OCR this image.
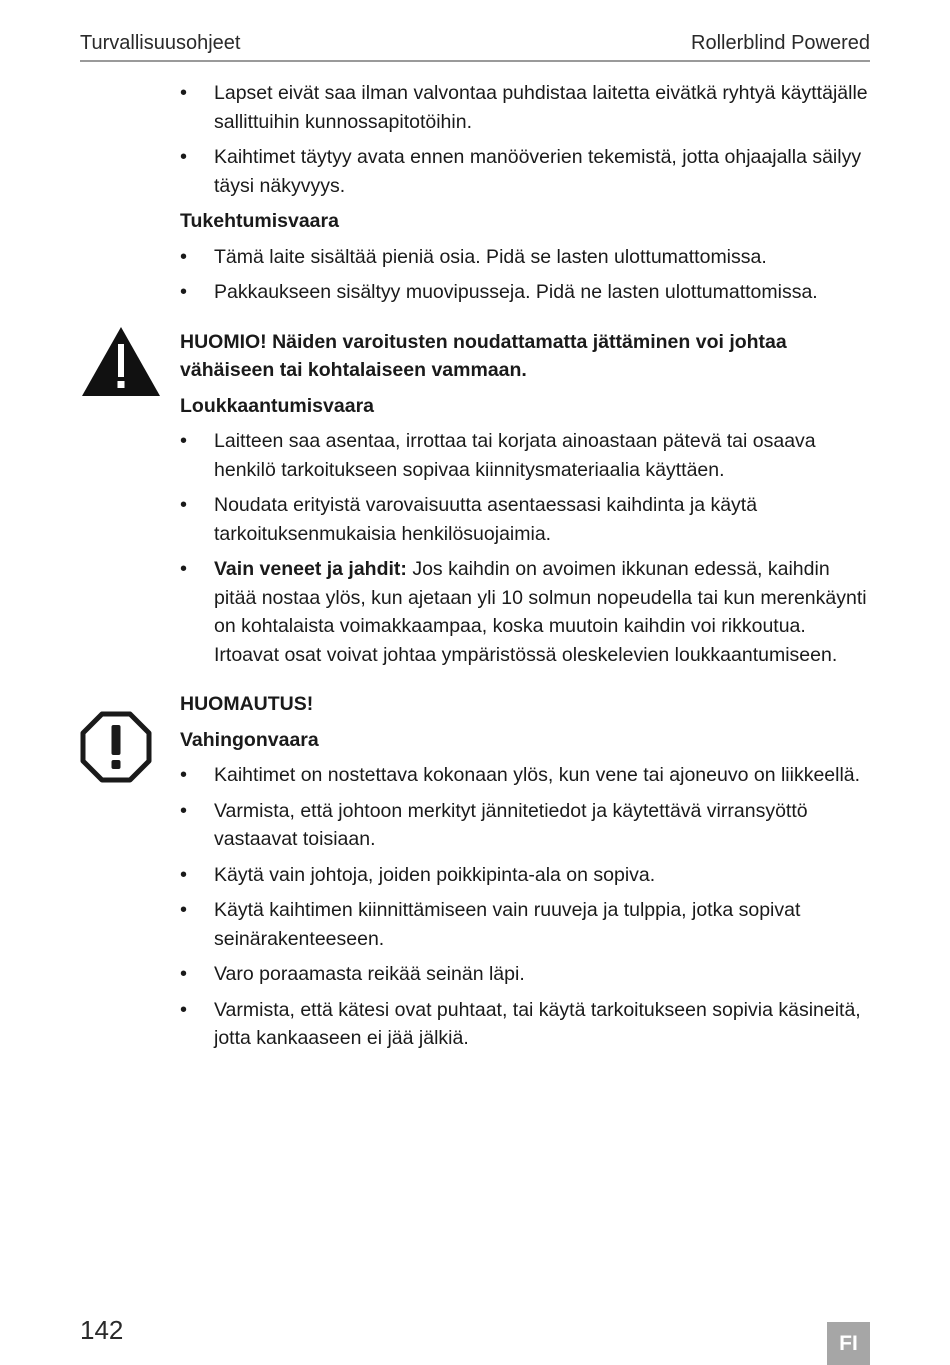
Turvallisuusohjeet	Rollerblind Powered
• Lapset eivät saa ilman valvontaa puhdistaa laitetta eivätkä ryhtyä käyttäjälle sallittuihin kunnossapitotöihin.
• Kaihtimet täytyy avata ennen manööverien tekemistä, jotta ohjaajalla säilyy täysi näkyvyys.
Tukehtumisvaara
• Tämä laite sisältää pieniä osia. Pidä se lasten ulottumattomissa.
• Pakkaukseen sisältyy muovipusseja. Pidä ne lasten ulottumattomissa.
HUOMIO! Näiden varoitusten noudattamatta jättäminen voi johtaa vähäiseen tai kohtalaiseen vammaan.
Loukkaantumisvaara
• Laitteen saa asentaa, irrottaa tai korjata ainoastaan pätevä tai osaava henkilö tarkoitukseen sopivaa kiinnitysmateriaalia käyttäen.
• Noudata erityistä varovaisuutta asentaessasi kaihdinta ja käytä tarkoituksenmukaisia henkilösuojaimia.
• Vain veneet ja jahdit: Jos kaihdin on avoimen ikkunan edessä, kaihdin pitää nostaa ylös, kun ajetaan yli 10 solmun nopeudella tai kun merenkäynti on kohtalaista voimakkaampaa, koska muutoin kaihdin voi rikkoutua. Irtoavat osat voivat johtaa ympäristössä oleskelevien loukkaantumiseen.
HUOMAUTUS!
Vahingonvaara
• Kaihtimet on nostettava kokonaan ylös, kun vene tai ajoneuvo on liikkeellä.
• Varmista, että johtoon merkityt jännitetiedot ja käytettävä virransyöttö vastaavat toisiaan.
• Käytä vain johtoja, joiden poikkipinta-ala on sopiva.
• Käytä kaihtimen kiinnittämiseen vain ruuveja ja tulppia, jotka sopivat seinärakenteeseen.
• Varo poraamasta reikää seinän läpi.
• Varmista, että kätesi ovat puhtaat, tai käytä tarkoitukseen sopivia käsineitä, jotta kankaaseen ei jää jälkiä.
142	FI
